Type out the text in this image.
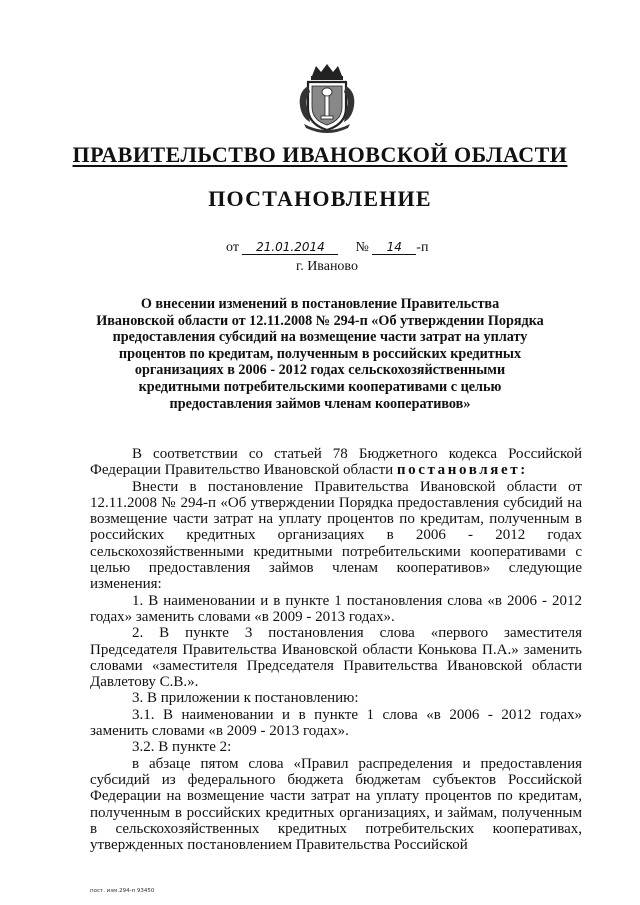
ПРАВИТЕЛЬСТВО ИВАНОВСКОЙ ОБЛАСТИ
ПОСТАНОВЛЕНИЕ
от 21.01.2014 № 14 -п
г. Иваново
О внесении изменений в постановление Правительства
Ивановской области от 12.11.2008 № 294-п «Об утверждении Порядка
предоставления субсидий на возмещение части затрат на уплату
процентов по кредитам, полученным в российских кредитных
организациях в 2006 - 2012 годах сельскохозяйственными
кредитными потребительскими кооперативами с целью
предоставления займов членам кооперативов»

В соответствии со статьей 78 Бюджетного кодекса Российской Федерации Правительство Ивановской области постановляет:

Внести в постановление Правительства Ивановской области от 12.11.2008 № 294-п «Об утверждении Порядка предоставления субсидий на возмещение части затрат на уплату процентов по кредитам, полученным в российских кредитных организациях в 2006 - 2012 годах сельскохозяйственными кредитными потребительскими кооперативами с целью предоставления займов членам кооперативов» следующие изменения:

1. В наименовании и в пункте 1 постановления слова «в 2006 - 2012 годах» заменить словами «в 2009 - 2013 годах».

2. В пункте 3 постановления слова «первого заместителя Председателя Правительства Ивановской области Конькова П.А.» заменить словами «заместителя Председателя Правительства Ивановской области Давлетову С.В.».

3. В приложении к постановлению:

3.1. В наименовании и в пункте 1 слова «в 2006 - 2012 годах» заменить словами «в 2009 - 2013 годах».

3.2. В пункте 2:

в абзаце пятом слова «Правил распределения и предоставления субсидий из федерального бюджета бюджетам субъектов Российской Федерации на возмещение части затрат на уплату процентов по кредитам, полученным в российских кредитных организациях, и займам, полученным в сельскохозяйственных кредитных потребительских кооперативах, утвержденных постановлением Правительства Российской

пост. изм.294-п 93450
